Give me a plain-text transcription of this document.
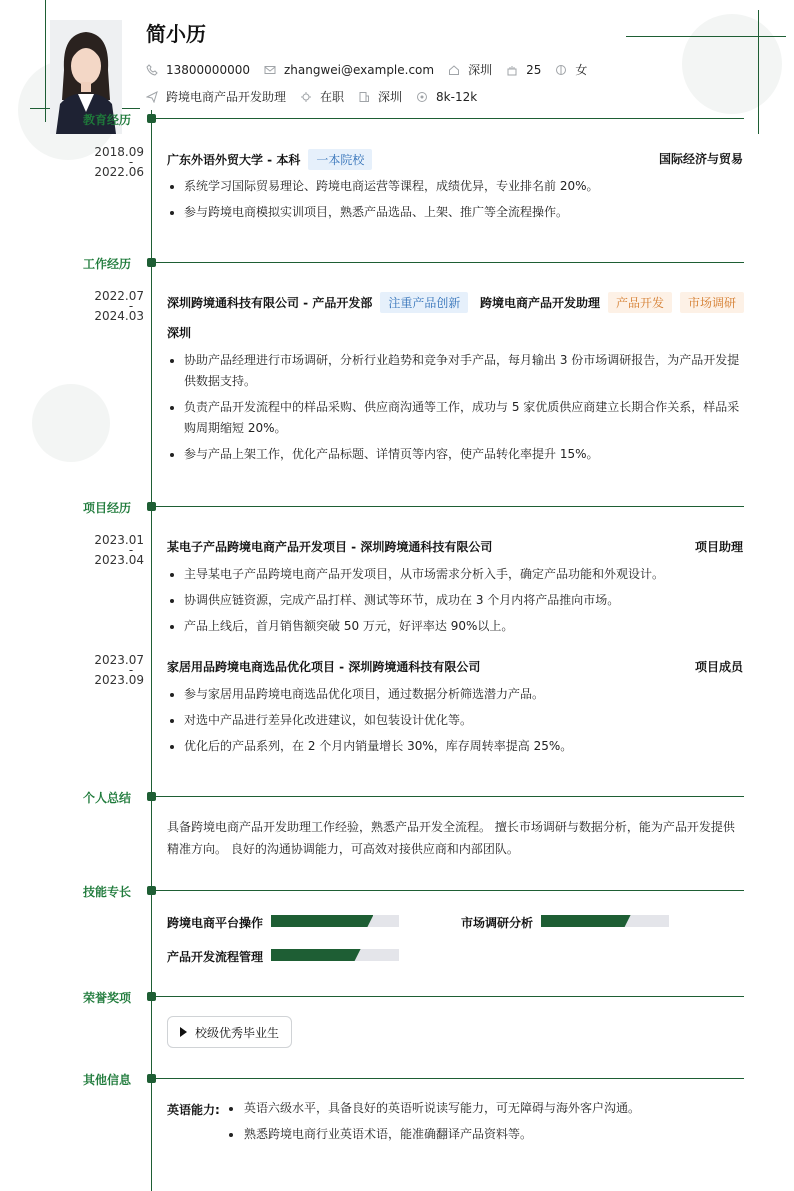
简小历
13800000000	zhangwei@example.com	深圳	25	女
跨境电商产品开发助理	在职	深圳	8k-12k
教育经历
2018.09
-
2022.06
广东外语外贸大学 - 本科	一本院校	国际经济与贸易
系统学习国际贸易理论、跨境电商运营等课程，成绩优异，专业排名前 20%。
参与跨境电商模拟实训项目，熟悉产品选品、上架、推广等全流程操作。
工作经历
2022.07
-
2024.03
深圳跨境通科技有限公司 - 产品开发部	注重产品创新	跨境电商产品开发助理	产品开发	市场调研
深圳
协助产品经理进行市场调研，分析行业趋势和竞争对手产品，每月输出 3 份市场调研报告，为产品开发提供数据支持。
负责产品开发流程中的样品采购、供应商沟通等工作，成功与 5 家优质供应商建立长期合作关系，样品采购周期缩短 20%。
参与产品上架工作，优化产品标题、详情页等内容，使产品转化率提升 15%。
项目经历
2023.01
-
2023.04
某电子产品跨境电商产品开发项目 - 深圳跨境通科技有限公司	项目助理
主导某电子产品跨境电商产品开发项目，从市场需求分析入手，确定产品功能和外观设计。
协调供应链资源，完成产品打样、测试等环节，成功在 3 个月内将产品推向市场。
产品上线后，首月销售额突破 50 万元，好评率达 90%以上。
2023.07
-
2023.09
家居用品跨境电商选品优化项目 - 深圳跨境通科技有限公司	项目成员
参与家居用品跨境电商选品优化项目，通过数据分析筛选潜力产品。
对选中产品进行差异化改进建议，如包装设计优化等。
优化后的产品系列，在 2 个月内销量增长 30%，库存周转率提高 25%。
个人总结
具备跨境电商产品开发助理工作经验，熟悉产品开发全流程。 擅长市场调研与数据分析，能为产品开发提供精准方向。 良好的沟通协调能力，可高效对接供应商和内部团队。
技能专长
跨境电商平台操作	市场调研分析
产品开发流程管理
荣誉奖项
校级优秀毕业生
其他信息
英语能力:	英语六级水平，具备良好的英语听说读写能力，可无障碍与海外客户沟通。
熟悉跨境电商行业英语术语，能准确翻译产品资料等。
